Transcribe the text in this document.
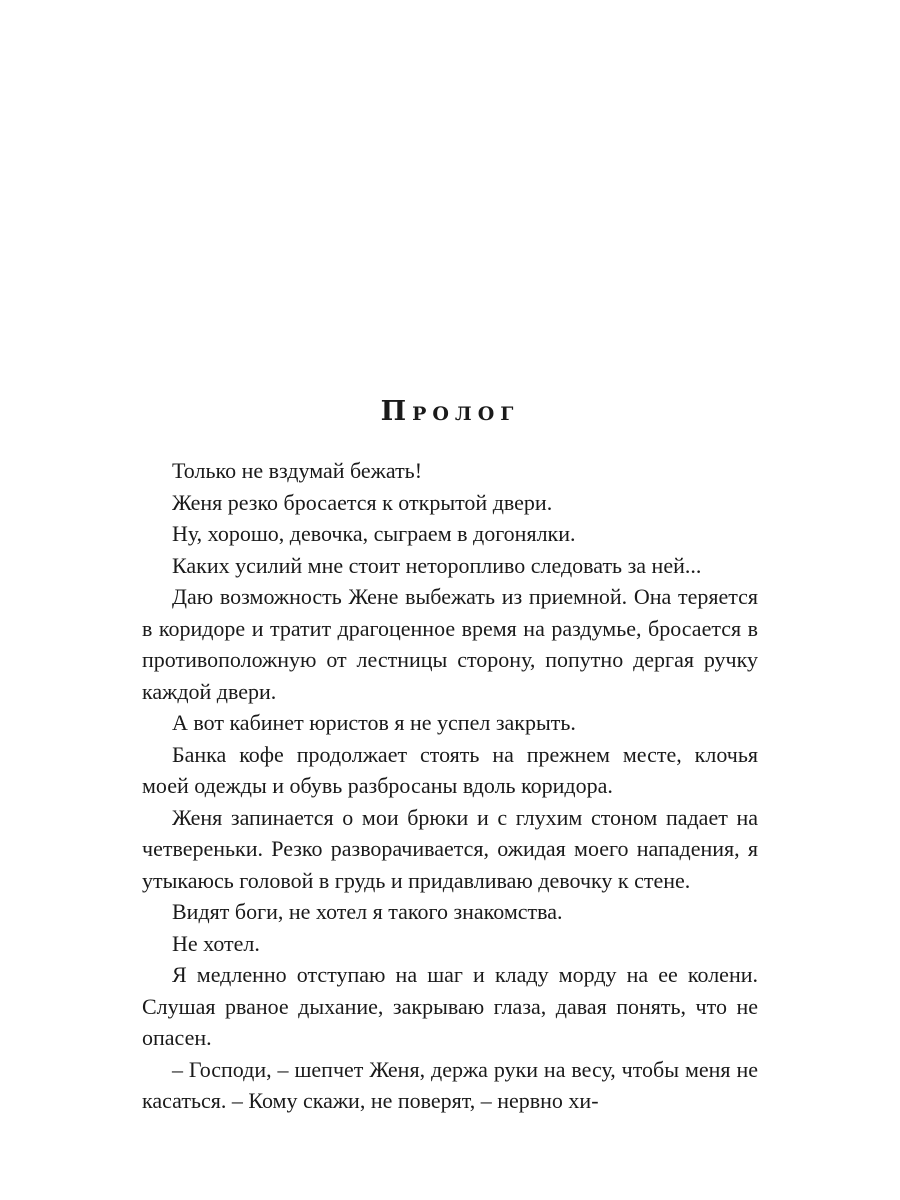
Пролог

Только не вздумай бежать!

Женя резко бросается к открытой двери.

Ну, хорошо, девочка, сыграем в догонялки.

Каких усилий мне стоит неторопливо следовать за ней...

Даю возможность Жене выбежать из приемной. Она теряется в коридоре и тратит драгоценное время на раздумье, бросается в противоположную от лестницы сторону, попутно дергая ручку каждой двери.

А вот кабинет юристов я не успел закрыть.

Банка кофе продолжает стоять на прежнем месте, клочья моей одежды и обувь разбросаны вдоль коридора.

Женя запинается о мои брюки и с глухим стоном падает на четвереньки. Резко разворачивается, ожидая моего нападения, я утыкаюсь головой в грудь и придавливаю девочку к стене.

Видят боги, не хотел я такого знакомства.

Не хотел.

Я медленно отступаю на шаг и кладу морду на ее колени. Слушая рваное дыхание, закрываю глаза, давая понять, что не опасен.

– Господи, – шепчет Женя, держа руки на весу, чтобы меня не касаться. – Кому скажи, не поверят, – нервно хи-
